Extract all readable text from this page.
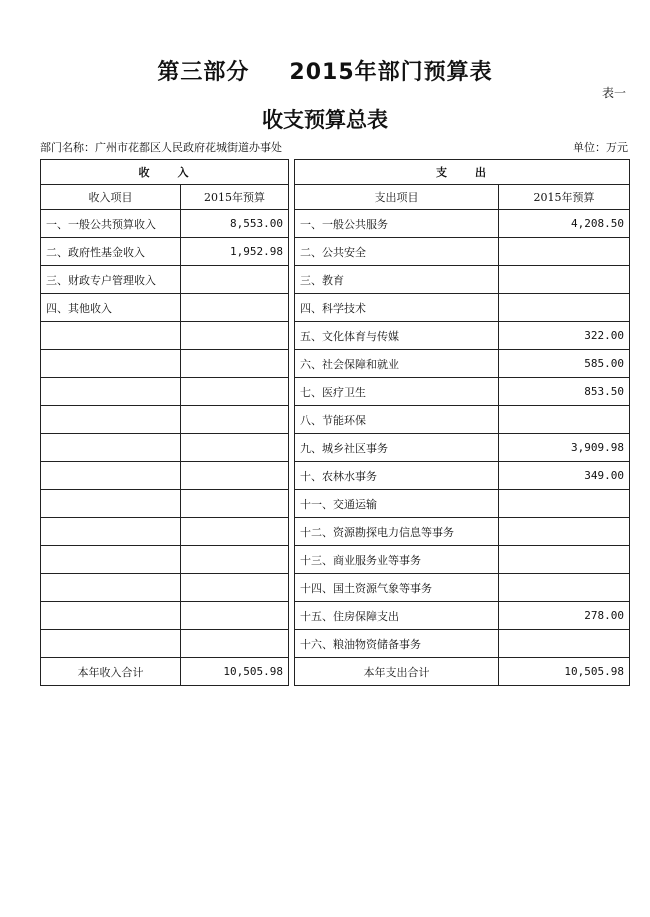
第三部分 2015年部门预算表
表一
收支预算总表
部门名称：广州市花都区人民政府花城街道办事处	单位：万元
收　　入			支　　出	
收入项目	2015年预算		支出项目	2015年预算
一、一般公共预算收入	8,553.00		一、一般公共服务	4,208.50
二、政府性基金收入	1,952.98		二、公共安全	
三、财政专户管理收入			三、教育	
四、其他收入			四、科学技术	
			五、文化体育与传媒	322.00
			六、社会保障和就业	585.00
			七、医疗卫生	853.50
			八、节能环保	
			九、城乡社区事务	3,909.98
			十、农林水事务	349.00
			十一、交通运输	
			十二、资源勘探电力信息等事务	
			十三、商业服务业等事务	
			十四、国土资源气象等事务	
			十五、住房保障支出	278.00
			十六、粮油物资储备事务	
本年收入合计	10,505.98		本年支出合计	10,505.98
